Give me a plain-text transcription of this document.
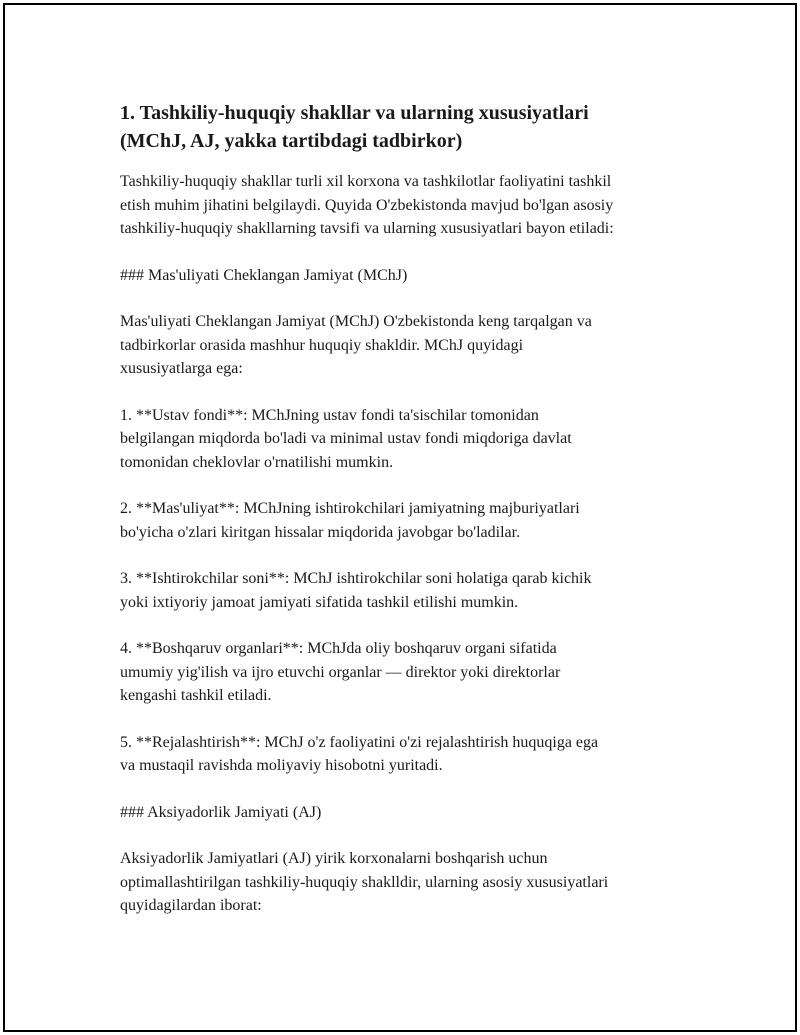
1. Tashkiliy-huquqiy shakllar va ularning xususiyatlari
(MChJ, AJ, yakka tartibdagi tadbirkor)

Tashkiliy-huquqiy shakllar turli xil korxona va tashkilotlar faoliyatini tashkil
etish muhim jihatini belgilaydi. Quyida O'zbekistonda mavjud bo'lgan asosiy
tashkiliy-huquqiy shakllarning tavsifi va ularning xususiyatlari bayon etiladi:

### Mas'uliyati Cheklangan Jamiyat (MChJ)

Mas'uliyati Cheklangan Jamiyat (MChJ) O'zbekistonda keng tarqalgan va
tadbirkorlar orasida mashhur huquqiy shakldir. MChJ quyidagi
xususiyatlarga ega:

1. **Ustav fondi**: MChJning ustav fondi ta'sischilar tomonidan
belgilangan miqdorda bo'ladi va minimal ustav fondi miqdoriga davlat
tomonidan cheklovlar o'rnatilishi mumkin.

2. **Mas'uliyat**: MChJning ishtirokchilari jamiyatning majburiyatlari
bo'yicha o'zlari kiritgan hissalar miqdorida javobgar bo'ladilar.

3. **Ishtirokchilar soni**: MChJ ishtirokchilar soni holatiga qarab kichik
yoki ixtiyoriy jamoat jamiyati sifatida tashkil etilishi mumkin.

4. **Boshqaruv organlari**: MChJda oliy boshqaruv organi sifatida
umumiy yig'ilish va ijro etuvchi organlar — direktor yoki direktorlar
kengashi tashkil etiladi.

5. **Rejalashtirish**: MChJ o'z faoliyatini o'zi rejalashtirish huquqiga ega
va mustaqil ravishda moliyaviy hisobotni yuritadi.

### Aksiyadorlik Jamiyati (AJ)

Aksiyadorlik Jamiyatlari (AJ) yirik korxonalarni boshqarish uchun
optimallashtirilgan tashkiliy-huquqiy shaklldir, ularning asosiy xususiyatlari
quyidagilardan iborat:
